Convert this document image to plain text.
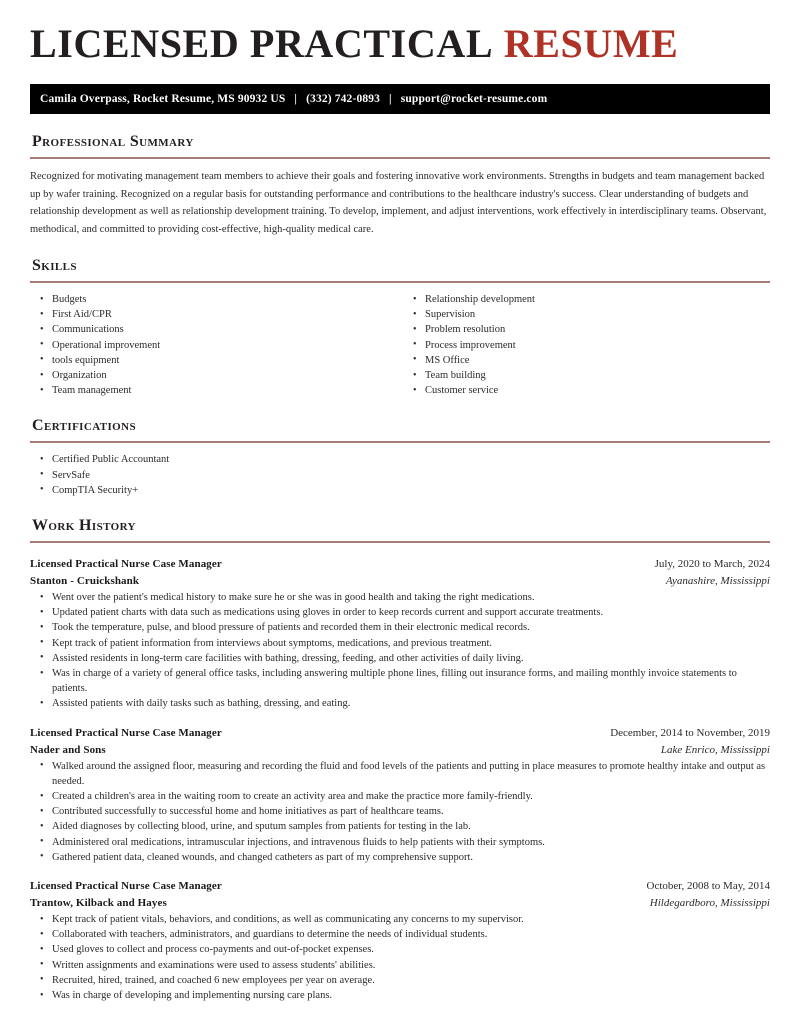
LICENSED PRACTICAL RESUME
Camila Overpass, Rocket Resume, MS 90932 US | (332) 742-0893 | support@rocket-resume.com
Professional Summary

Recognized for motivating management team members to achieve their goals and fostering innovative work environments. Strengths in budgets and team management backed up by wafer training. Recognized on a regular basis for outstanding performance and contributions to the healthcare industry's success. Clear understanding of budgets and relationship development as well as relationship development training. To develop, implement, and adjust interventions, work effectively in interdisciplinary teams. Observant, methodical, and committed to providing cost-effective, high-quality medical care.

Skills
• Budgets
• First Aid/CPR
• Communications
• Operational improvement
• tools equipment
• Organization
• Team management
• Relationship development
• Supervision
• Problem resolution
• Process improvement
• MS Office
• Team building
• Customer service
Certifications
• Certified Public Accountant
• ServSafe
• CompTIA Security+
Work History
Licensed Practical Nurse Case Manager	July, 2020 to March, 2024
Stanton - Cruickshank	Ayanashire, Mississippi
• Went over the patient's medical history to make sure he or she was in good health and taking the right medications.
• Updated patient charts with data such as medications using gloves in order to keep records current and support accurate treatments.
• Took the temperature, pulse, and blood pressure of patients and recorded them in their electronic medical records.
• Kept track of patient information from interviews about symptoms, medications, and previous treatment.
• Assisted residents in long-term care facilities with bathing, dressing, feeding, and other activities of daily living.
• Was in charge of a variety of general office tasks, including answering multiple phone lines, filling out insurance forms, and mailing monthly invoice statements to patients.
• Assisted patients with daily tasks such as bathing, dressing, and eating.
Licensed Practical Nurse Case Manager	December, 2014 to November, 2019
Nader and Sons	Lake Enrico, Mississippi
• Walked around the assigned floor, measuring and recording the fluid and food levels of the patients and putting in place measures to promote healthy intake and output as needed.
• Created a children's area in the waiting room to create an activity area and make the practice more family-friendly.
• Contributed successfully to successful home and home initiatives as part of healthcare teams.
• Aided diagnoses by collecting blood, urine, and sputum samples from patients for testing in the lab.
• Administered oral medications, intramuscular injections, and intravenous fluids to help patients with their symptoms.
• Gathered patient data, cleaned wounds, and changed catheters as part of my comprehensive support.
Licensed Practical Nurse Case Manager	October, 2008 to May, 2014
Trantow, Kilback and Hayes	Hildegardboro, Mississippi
• Kept track of patient vitals, behaviors, and conditions, as well as communicating any concerns to my supervisor.
• Collaborated with teachers, administrators, and guardians to determine the needs of individual students.
• Used gloves to collect and process co-payments and out-of-pocket expenses.
• Written assignments and examinations were used to assess students' abilities.
• Recruited, hired, trained, and coached 6 new employees per year on average.
• Was in charge of developing and implementing nursing care plans.
